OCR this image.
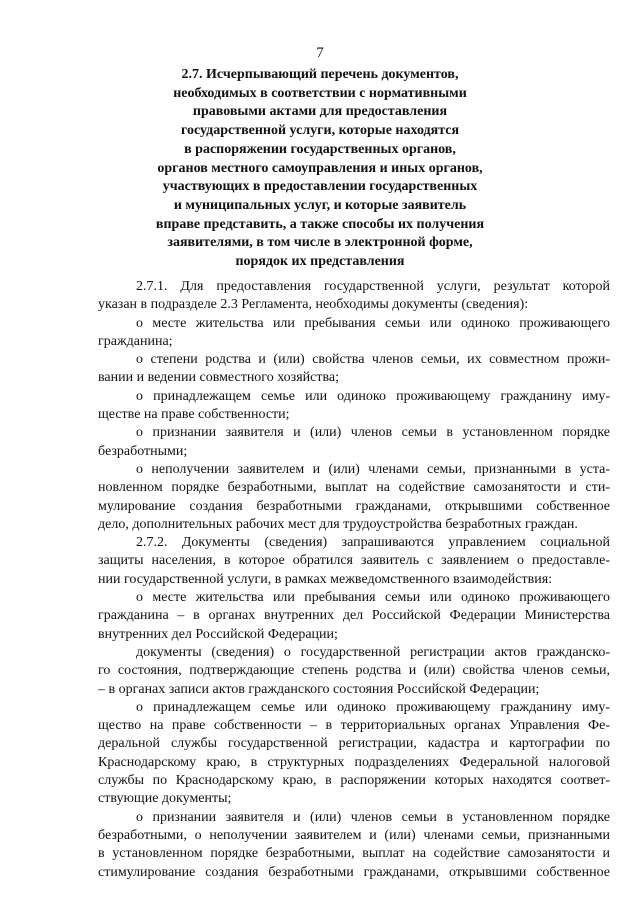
7
2.7. Исчерпывающий перечень документов,
необходимых в соответствии с нормативными
правовыми актами для предоставления
государственной услуги, которые находятся
в распоряжении государственных органов,
органов местного самоуправления и иных органов,
участвующих в предоставлении государственных
и муниципальных услуг, и которые заявитель
вправе представить, а также способы их получения
заявителями, в том числе в электронной форме,
порядок их представления
2.7.1. Для предоставления государственной услуги, результат которой
указан в подразделе 2.3 Регламента, необходимы документы (сведения):
о месте жительства или пребывания семьи или одиноко проживающего
гражданина;
о степени родства и (или) свойства членов семьи, их совместном прожи-
вании и ведении совместного хозяйства;
о принадлежащем семье или одиноко проживающему гражданину иму-
ществе на праве собственности;
о признании заявителя и (или) членов семьи в установленном порядке
безработными;
о неполучении заявителем и (или) членами семьи, признанными в уста-
новленном порядке безработными, выплат на содействие самозанятости и сти-
мулирование создания безработными гражданами, открывшими собственное
дело, дополнительных рабочих мест для трудоустройства безработных граждан.
2.7.2. Документы (сведения) запрашиваются управлением социальной
защиты населения, в которое обратился заявитель с заявлением о предоставле-
нии государственной услуги, в рамках межведомственного взаимодействия:
о месте жительства или пребывания семьи или одиноко проживающего
гражданина – в органах внутренних дел Российской Федерации Министерства
внутренних дел Российской Федерации;
документы (сведения) о государственной регистрации актов гражданско-
го состояния, подтверждающие степень родства и (или) свойства членов семьи,
– в органах записи актов гражданского состояния Российской Федерации;
о принадлежащем семье или одиноко проживающему гражданину иму-
щество на праве собственности – в территориальных органах Управления Фе-
деральной службы государственной регистрации, кадастра и картографии по
Краснодарскому краю, в структурных подразделениях Федеральной налоговой
службы по Краснодарскому краю, в распоряжении которых находятся соответ-
ствующие документы;
о признании заявителя и (или) членов семьи в установленном порядке
безработными, о неполучении заявителем и (или) членами семьи, признанными
в установленном порядке безработными, выплат на содействие самозанятости и
стимулирование создания безработными гражданами, открывшими собственное
